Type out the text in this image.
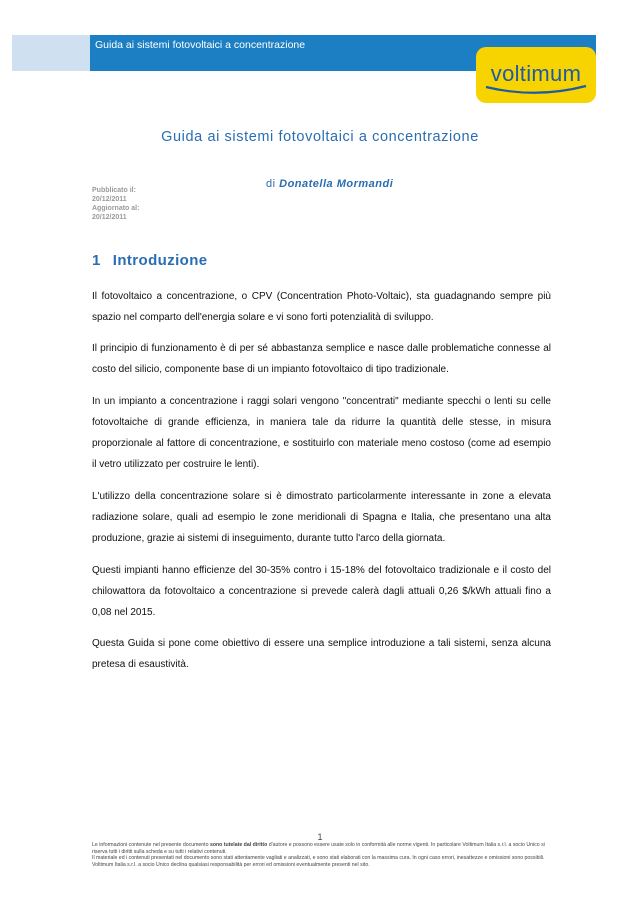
Guida ai sistemi fotovoltaici a concentrazione
voltimum
Guida ai sistemi fotovoltaici a concentrazione
Pubblicato il:
20/12/2011
Aggiornato al:
20/12/2011
di Donatella Mormandi
1 Introduzione

Il fotovoltaico a concentrazione, o CPV (Concentration Photo-Voltaic), sta guadagnando sempre più spazio nel comparto dell'energia solare e vi sono forti potenzialità di sviluppo.

Il principio di funzionamento è di per sé abbastanza semplice e nasce dalle problematiche connesse al costo del silicio, componente base di un impianto fotovoltaico di tipo tradizionale.

In un impianto a concentrazione i raggi solari vengono "concentrati" mediante specchi o lenti su celle fotovoltaiche di grande efficienza, in maniera tale da ridurre la quantità delle stesse, in misura proporzionale al fattore di concentrazione, e sostituirlo con materiale meno costoso (come ad esempio il vetro utilizzato per costruire le lenti).

L'utilizzo della concentrazione solare si è dimostrato particolarmente interessante in zone a elevata radiazione solare, quali ad esempio le zone meridionali di Spagna e Italia, che presentano una alta produzione, grazie ai sistemi di inseguimento, durante tutto l'arco della giornata.

Questi impianti hanno efficienze del 30-35% contro i 15-18% del fotovoltaico tradizionale e il costo del chilowattora da fotovoltaico a concentrazione si prevede calerà dagli attuali 0,26 $/kWh attuali fino a 0,08 nel 2015.

Questa Guida si pone come obiettivo di essere una semplice introduzione a tali sistemi, senza alcuna pretesa di esaustività.

1
Le informazioni contenute nel presente documento sono tutelate dal diritto d'autore e possono essere usate solo in conformità alle norme vigenti. In particolare Voltimum Italia s.r.l. a socio Unico si riserva tutti i diritti sulla scheda e su tutti i relativi contenuti.
Il materiale ed i contenuti presentati nel documento sono stati attentamente vagliati e analizzati, e sono stati elaborati con la massima cura. In ogni caso errori, inesattezze e omissioni sono possibili. Voltimum Italia s.r.l. a socio Unico declina qualsiasi responsabilità per errori ed omissioni eventualmente presenti nel sito.
